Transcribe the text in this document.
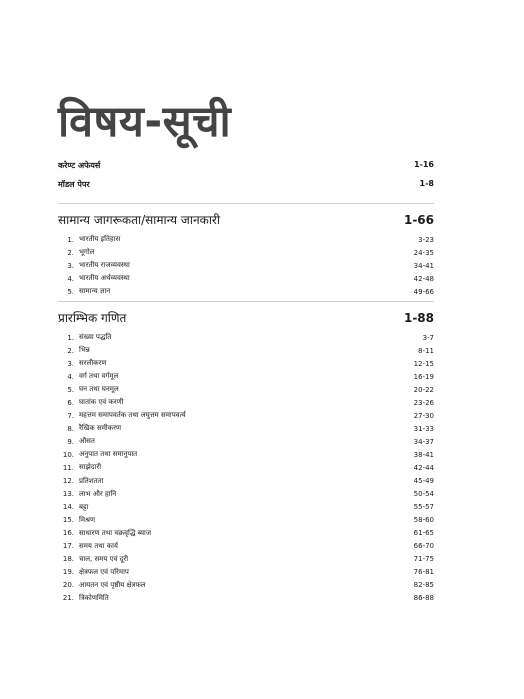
विषय-सूची
करेण्ट अफेयर्स	1-16
मॉडल पेपर	1-8
सामान्य जागरूकता/सामान्य जानकारी	1-66
1. भारतीय इतिहास	3-23
2. भूगोल	24-35
3. भारतीय राजव्यवस्था	34-41
4. भारतीय अर्थव्यवस्था	42-48
5. सामान्य ज्ञान	49-66
प्रारम्भिक गणित	1-88
1. संख्या पद्धति	3-7
2. भिन्न	8-11
3. सरलीकरण	12-15
4. वर्ग तथा वर्गमूल	16-19
5. घन तथा घनमूल	20-22
6. घातांक एवं करणी	23-26
7. महत्तम समापवर्तक तथा लघुत्तम समापवर्त्य	27-30
8. रैखिक समीकरण	31-33
9. औसत	34-37
10. अनुपात तथा समानुपात	38-41
11. साझेदारी	42-44
12. प्रतिशतता	45-49
13. लाभ और हानि	50-54
14. बट्टा	55-57
15. मिश्रण	58-60
16. साधारण तथा चक्रवृद्धि ब्याज	61-65
17. समय तथा कार्य	66-70
18. चाल, समय एवं दूरी	71-75
19. क्षेत्रफल एवं परिमाप	76-81
20. आयतन एवं पृष्ठीय क्षेत्रफल	82-85
21. त्रिकोणमिति	86-88
